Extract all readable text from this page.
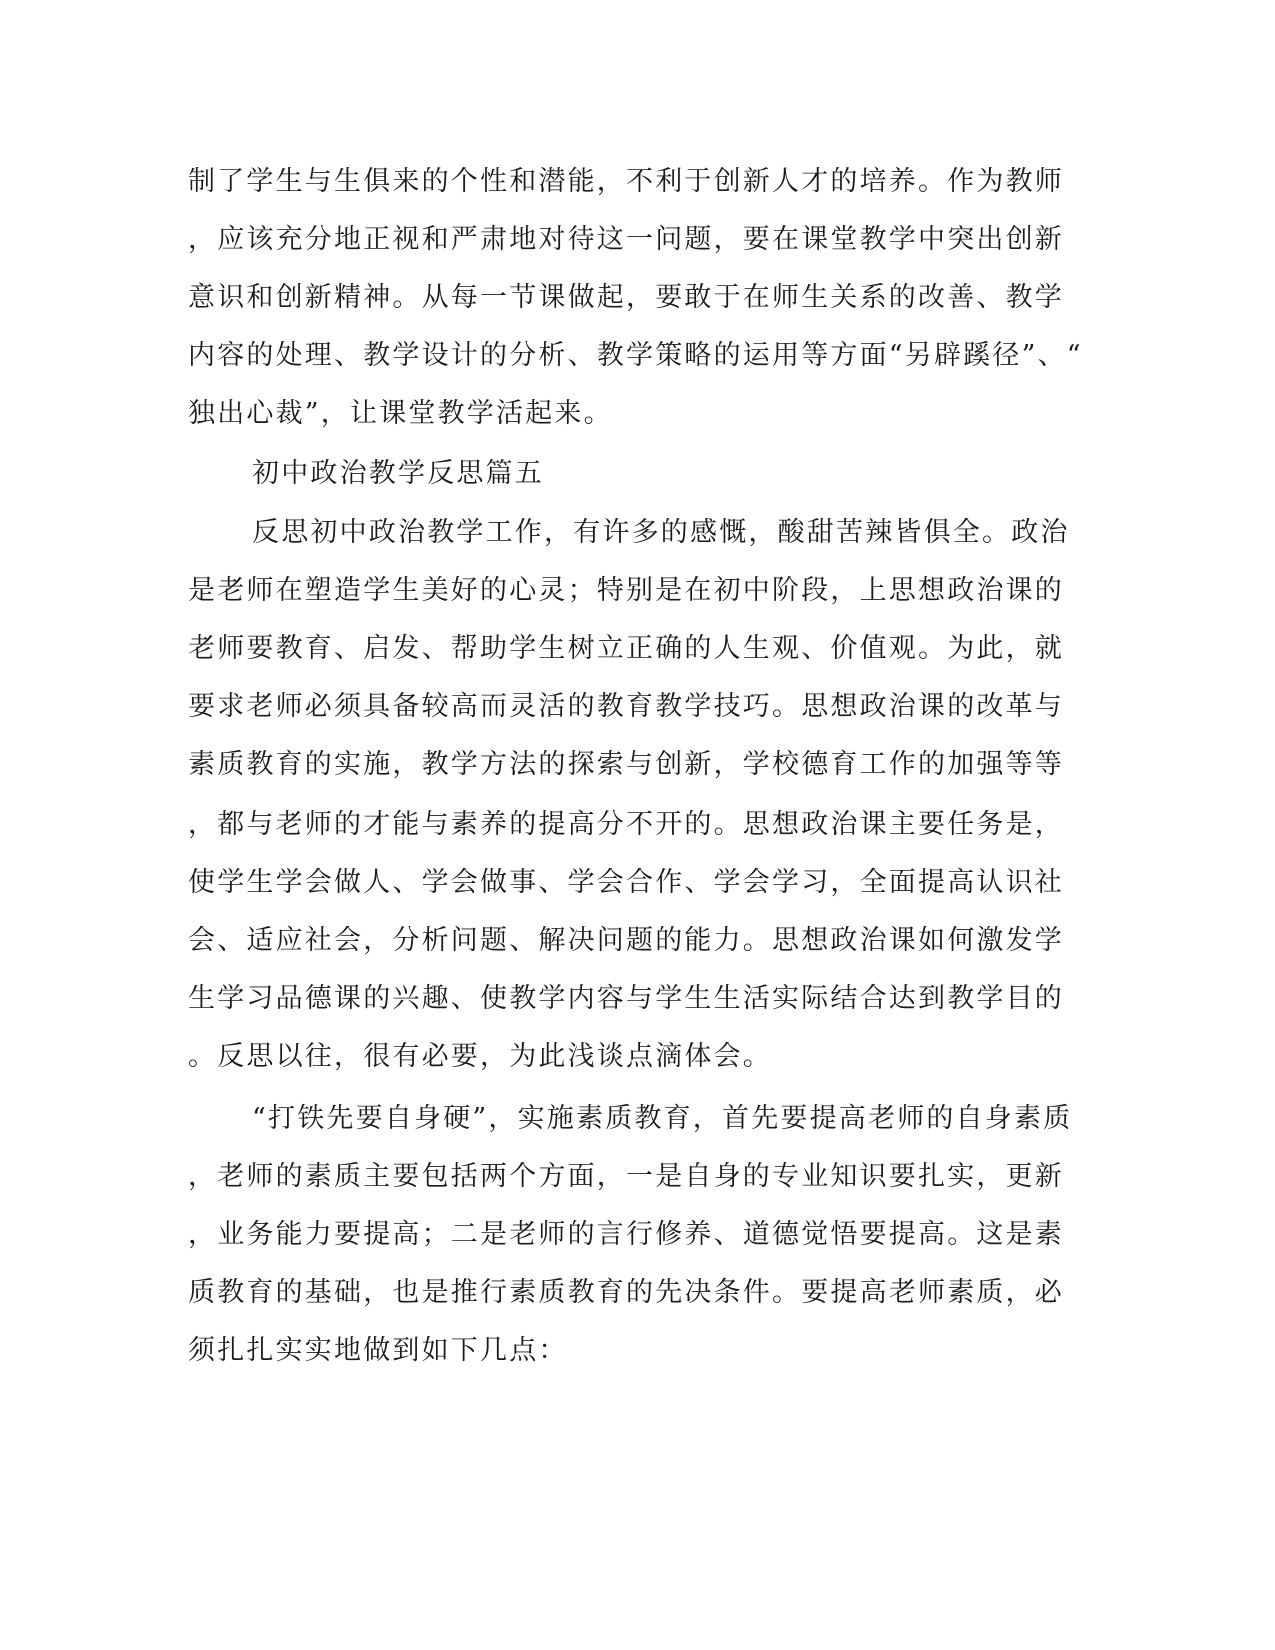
制了学生与生俱来的个性和潜能，不利于创新人才的培养。作为教师

，应该充分地正视和严肃地对待这一问题，要在课堂教学中突出创新

意识和创新精神。从每一节课做起，要敢于在师生关系的改善、教学

内容的处理、教学设计的分析、教学策略的运用等方面“另辟蹊径”、“

独出心裁”，让课堂教学活起来。

初中政治教学反思篇五

反思初中政治教学工作，有许多的感慨，酸甜苦辣皆俱全。政治

是老师在塑造学生美好的心灵；特别是在初中阶段，上思想政治课的

老师要教育、启发、帮助学生树立正确的人生观、价值观。为此，就

要求老师必须具备较高而灵活的教育教学技巧。思想政治课的改革与

素质教育的实施，教学方法的探索与创新，学校德育工作的加强等等

，都与老师的才能与素养的提高分不开的。思想政治课主要任务是，

使学生学会做人、学会做事、学会合作、学会学习，全面提高认识社

会、适应社会，分析问题、解决问题的能力。思想政治课如何激发学

生学习品德课的兴趣、使教学内容与学生生活实际结合达到教学目的

。反思以往，很有必要，为此浅谈点滴体会。

“打铁先要自身硬”，实施素质教育，首先要提高老师的自身素质

，老师的素质主要包括两个方面，一是自身的专业知识要扎实，更新

，业务能力要提高；二是老师的言行修养、道德觉悟要提高。这是素

质教育的基础，也是推行素质教育的先决条件。要提高老师素质，必

须扎扎实实地做到如下几点：
